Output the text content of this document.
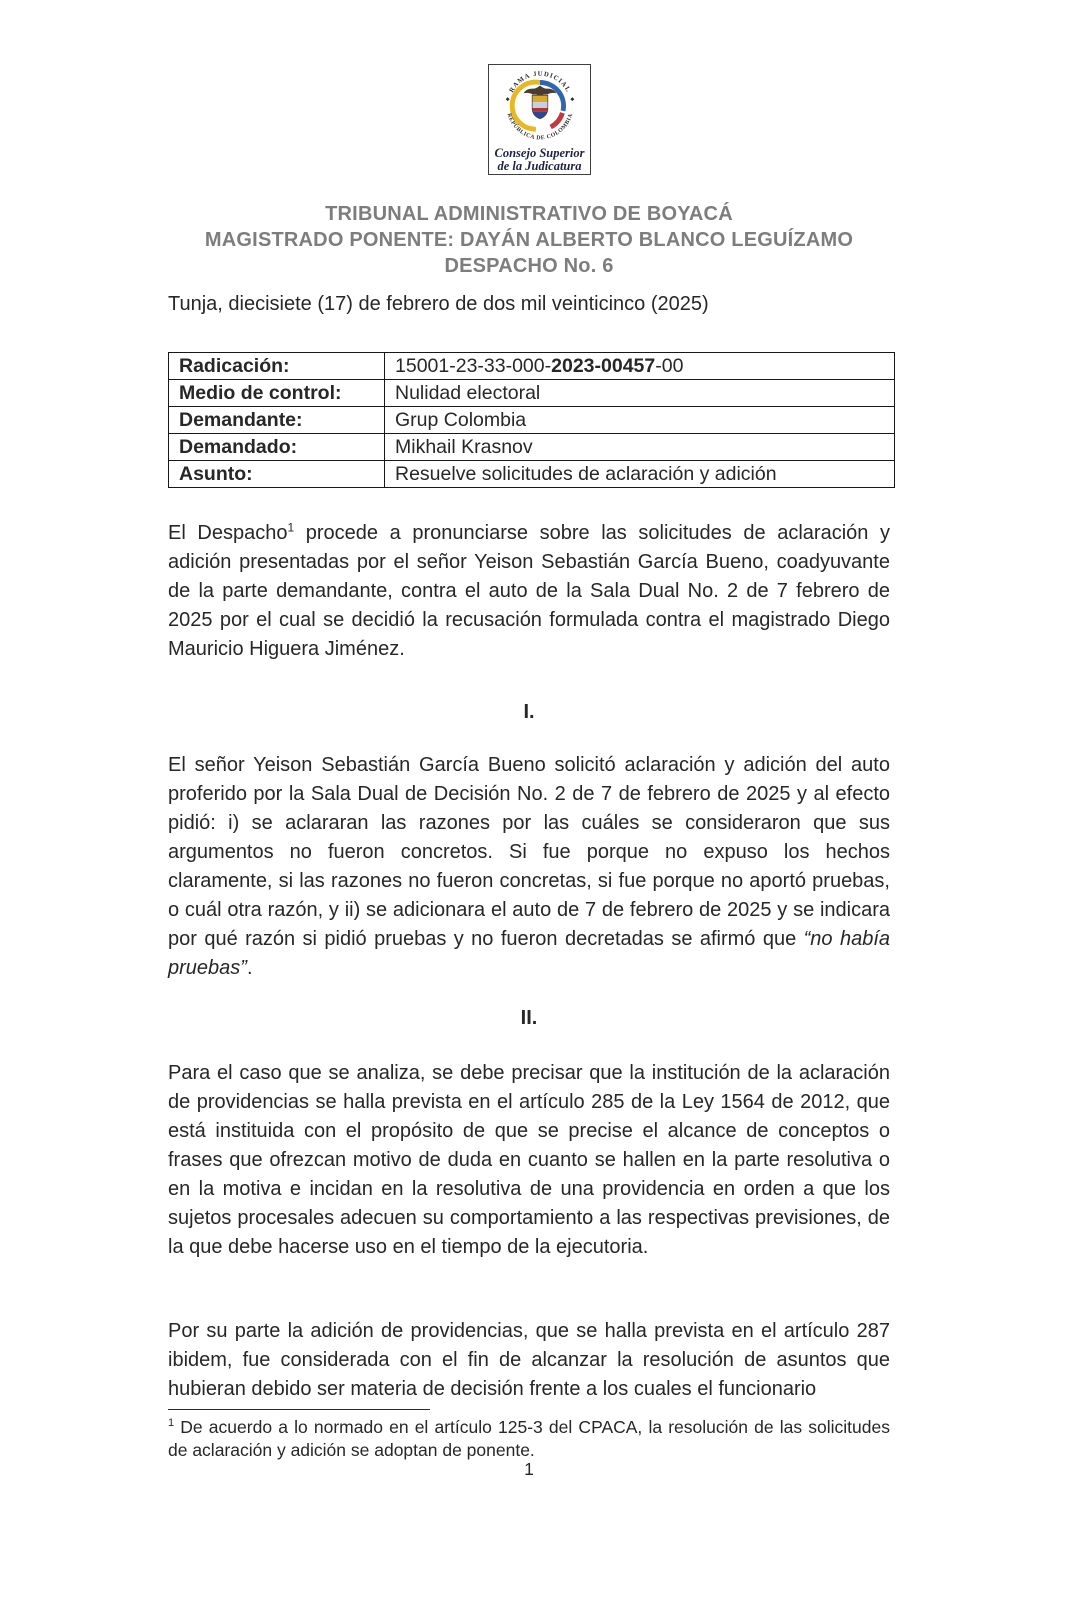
RAMA JUDICIAL
REPÚBLICA DE COLOMBIA
Consejo Superior
de la Judicatura
TRIBUNAL ADMINISTRATIVO DE BOYACÁ
MAGISTRADO PONENTE: DAYÁN ALBERTO BLANCO LEGUÍZAMO
DESPACHO No. 6

Tunja, diecisiete (17) de febrero de dos mil veinticinco (2025)

Radicación:	15001-23-33-000-2023-00457-00
Medio de control:	Nulidad electoral
Demandante:	Grup Colombia
Demandado:	Mikhail Krasnov
Asunto:	Resuelve solicitudes de aclaración y adición

El Despacho$^1$ procede a pronunciarse sobre las solicitudes de aclaración y adición presentadas por el señor Yeison Sebastián García Bueno, coadyuvante de la parte demandante, contra el auto de la Sala Dual No. 2 de 7 febrero de 2025 por el cual se decidió la recusación formulada contra el magistrado Diego Mauricio Higuera Jiménez.

I.

El señor Yeison Sebastián García Bueno solicitó aclaración y adición del auto proferido por la Sala Dual de Decisión No. 2 de 7 de febrero de 2025 y al efecto pidió: i) se aclararan las razones por las cuáles se consideraron que sus argumentos no fueron concretos. Si fue porque no expuso los hechos claramente, si las razones no fueron concretas, si fue porque no aportó pruebas, o cuál otra razón, y ii) se adicionara el auto de 7 de febrero de 2025 y se indicara por qué razón si pidió pruebas y no fueron decretadas se afirmó que “no había pruebas”.

II.

Para el caso que se analiza, se debe precisar que la institución de la aclaración de providencias se halla prevista en el artículo 285 de la Ley 1564 de 2012, que está instituida con el propósito de que se precise el alcance de conceptos o frases que ofrezcan motivo de duda en cuanto se hallen en la parte resolutiva o en la motiva e incidan en la resolutiva de una providencia en orden a que los sujetos procesales adecuen su comportamiento a las respectivas previsiones, de la que debe hacerse uso en el tiempo de la ejecutoria.

Por su parte la adición de providencias, que se halla prevista en el artículo 287 ibidem, fue considerada con el fin de alcanzar la resolución de asuntos que hubieran debido ser materia de decisión frente a los cuales el funcionario

$^1$ De acuerdo a lo normado en el artículo 125-3 del CPACA, la resolución de las solicitudes de aclaración y adición se adoptan de ponente.

1
